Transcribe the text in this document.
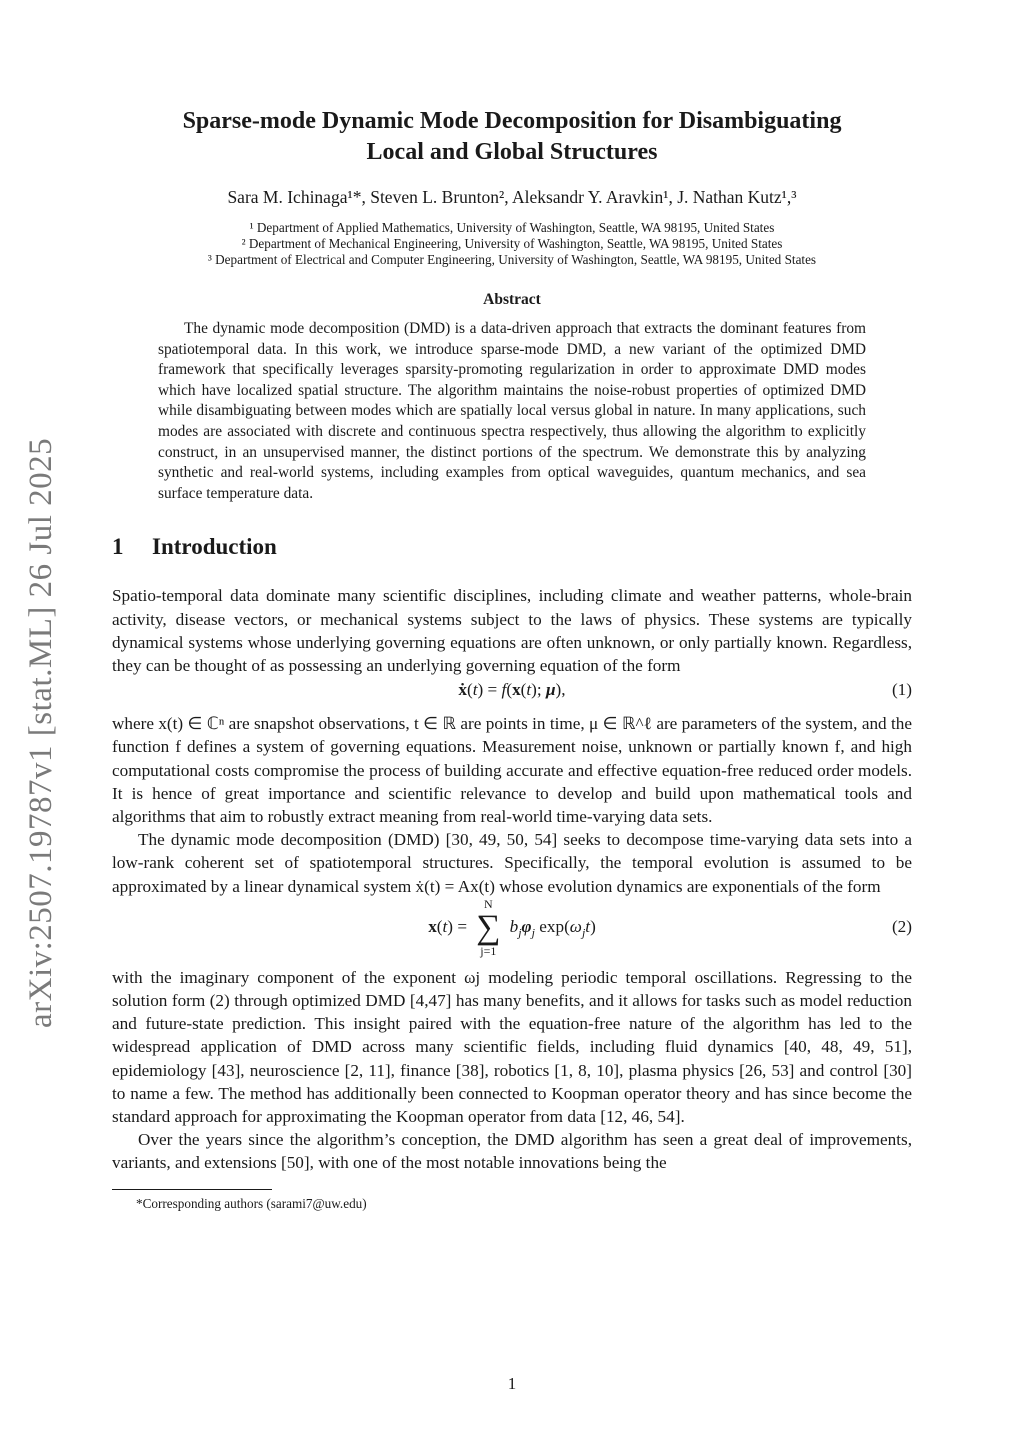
arXiv:2507.19787v1 [stat.ML] 26 Jul 2025
Sparse-mode Dynamic Mode Decomposition for Disambiguating
Local and Global Structures
Sara M. Ichinaga¹*, Steven L. Brunton², Aleksandr Y. Aravkin¹, J. Nathan Kutz¹,³
¹ Department of Applied Mathematics, University of Washington, Seattle, WA 98195, United States
² Department of Mechanical Engineering, University of Washington, Seattle, WA 98195, United States
³ Department of Electrical and Computer Engineering, University of Washington, Seattle, WA 98195, United States
Abstract

The dynamic mode decomposition (DMD) is a data-driven approach that extracts the dominant features from spatiotemporal data. In this work, we introduce sparse-mode DMD, a new variant of the optimized DMD framework that specifically leverages sparsity-promoting regularization in order to approximate DMD modes which have localized spatial structure. The algorithm maintains the noise-robust properties of optimized DMD while disambiguating between modes which are spatially local versus global in nature. In many applications, such modes are associated with discrete and continuous spectra respectively, thus allowing the algorithm to explicitly construct, in an unsupervised manner, the distinct portions of the spectrum. We demonstrate this by analyzing synthetic and real-world systems, including examples from optical waveguides, quantum mechanics, and sea surface temperature data.

1 Introduction

Spatio-temporal data dominate many scientific disciplines, including climate and weather patterns, whole-brain activity, disease vectors, or mechanical systems subject to the laws of physics. These systems are typically dynamical systems whose underlying governing equations are often unknown, or only partially known. Regardless, they can be thought of as possessing an underlying governing equation of the form

ẋ(t) = f(x(t); μ),	(1)

where x(t) ∈ ℂⁿ are snapshot observations, t ∈ ℝ are points in time, μ ∈ ℝ^ℓ are parameters of the system, and the function f defines a system of governing equations. Measurement noise, unknown or partially known f, and high computational costs compromise the process of building accurate and effective equation-free reduced order models. It is hence of great importance and scientific relevance to develop and build upon mathematical tools and algorithms that aim to robustly extract meaning from real-world time-varying data sets.

The dynamic mode decomposition (DMD) [30, 49, 50, 54] seeks to decompose time-varying data sets into a low-rank coherent set of spatiotemporal structures. Specifically, the temporal evolution is assumed to be approximated by a linear dynamical system ẋ(t) = Ax(t) whose evolution dynamics are exponentials of the form

x(t) =
N
∑
j=1
$b_j\varphi_j$ $\exp(\omega_jt)$	(2)

with the imaginary component of the exponent ωj modeling periodic temporal oscillations. Regressing to the solution form (2) through optimized DMD [4,47] has many benefits, and it allows for tasks such as model reduction and future-state prediction. This insight paired with the equation-free nature of the algorithm has led to the widespread application of DMD across many scientific fields, including fluid dynamics [40, 48, 49, 51], epidemiology [43], neuroscience [2, 11], finance [38], robotics [1, 8, 10], plasma physics [26, 53] and control [30] to name a few. The method has additionally been connected to Koopman operator theory and has since become the standard approach for approximating the Koopman operator from data [12, 46, 54].

Over the years since the algorithm’s conception, the DMD algorithm has seen a great deal of improvements, variants, and extensions [50], with one of the most notable innovations being the

*Corresponding authors (sarami7@uw.edu)
1
